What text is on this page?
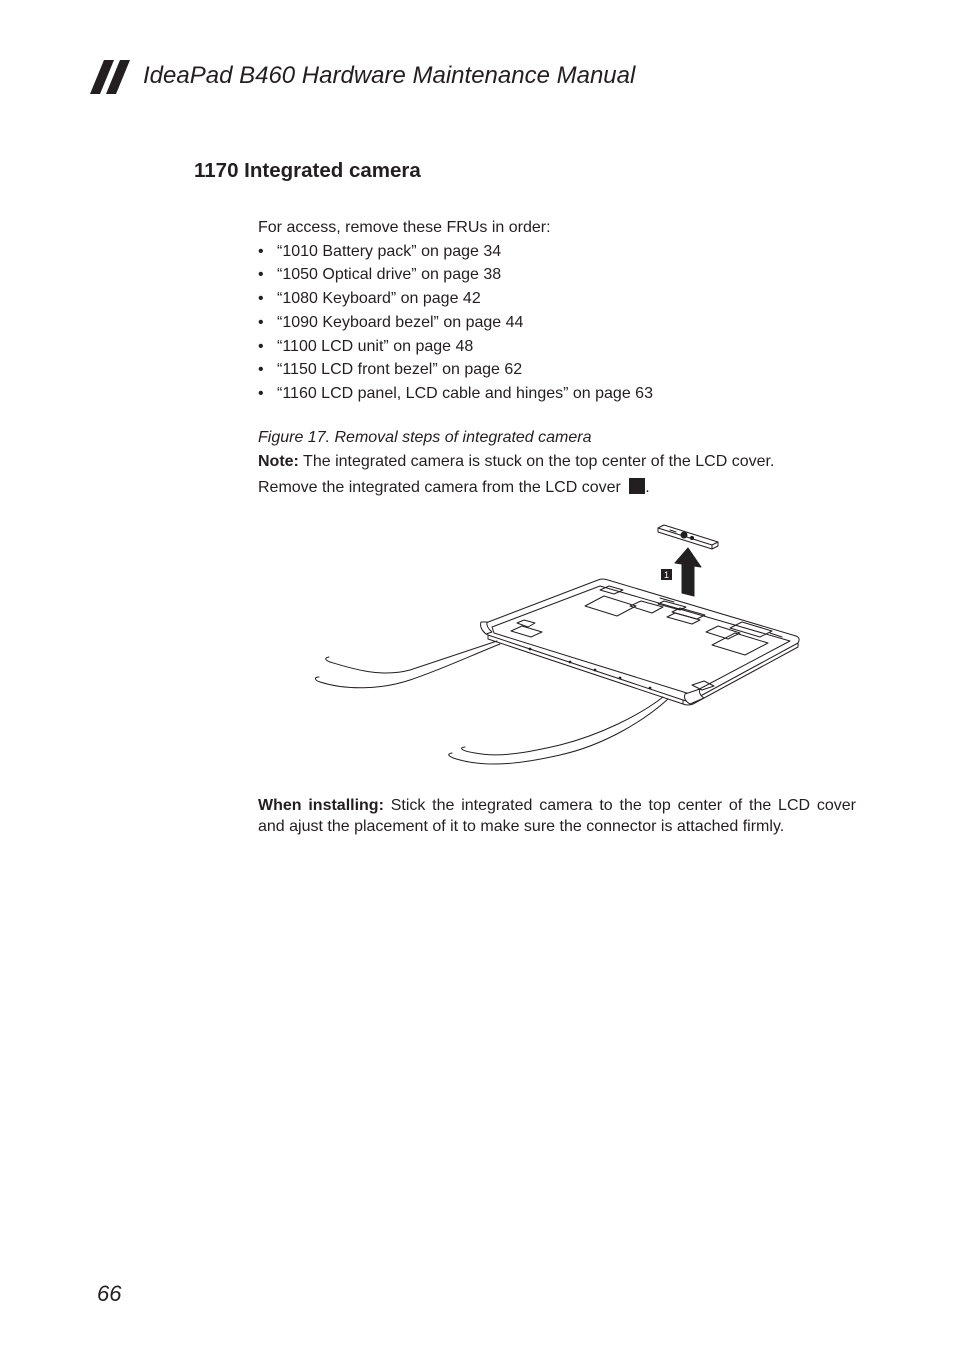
IdeaPad B460 Hardware Maintenance Manual
1170 Integrated camera

For access, remove these FRUs in order:

• “1010 Battery pack” on page 34
• “1050 Optical drive” on page 38
• “1080 Keyboard” on page 42
• “1090 Keyboard bezel” on page 44
• “1100 LCD unit” on page 48
• “1150 LCD front bezel” on page 62
• “1160 LCD panel, LCD cable and hinges” on page 63
Figure 17. Removal steps of integrated camera
Note: The integrated camera is stuck on the top center of the LCD cover.
Remove the integrated camera from the LCD cover .
1
When installing: Stick the integrated camera to the top center of the LCD cover and ajust the placement of it to make sure the connector is attached firmly.
66
